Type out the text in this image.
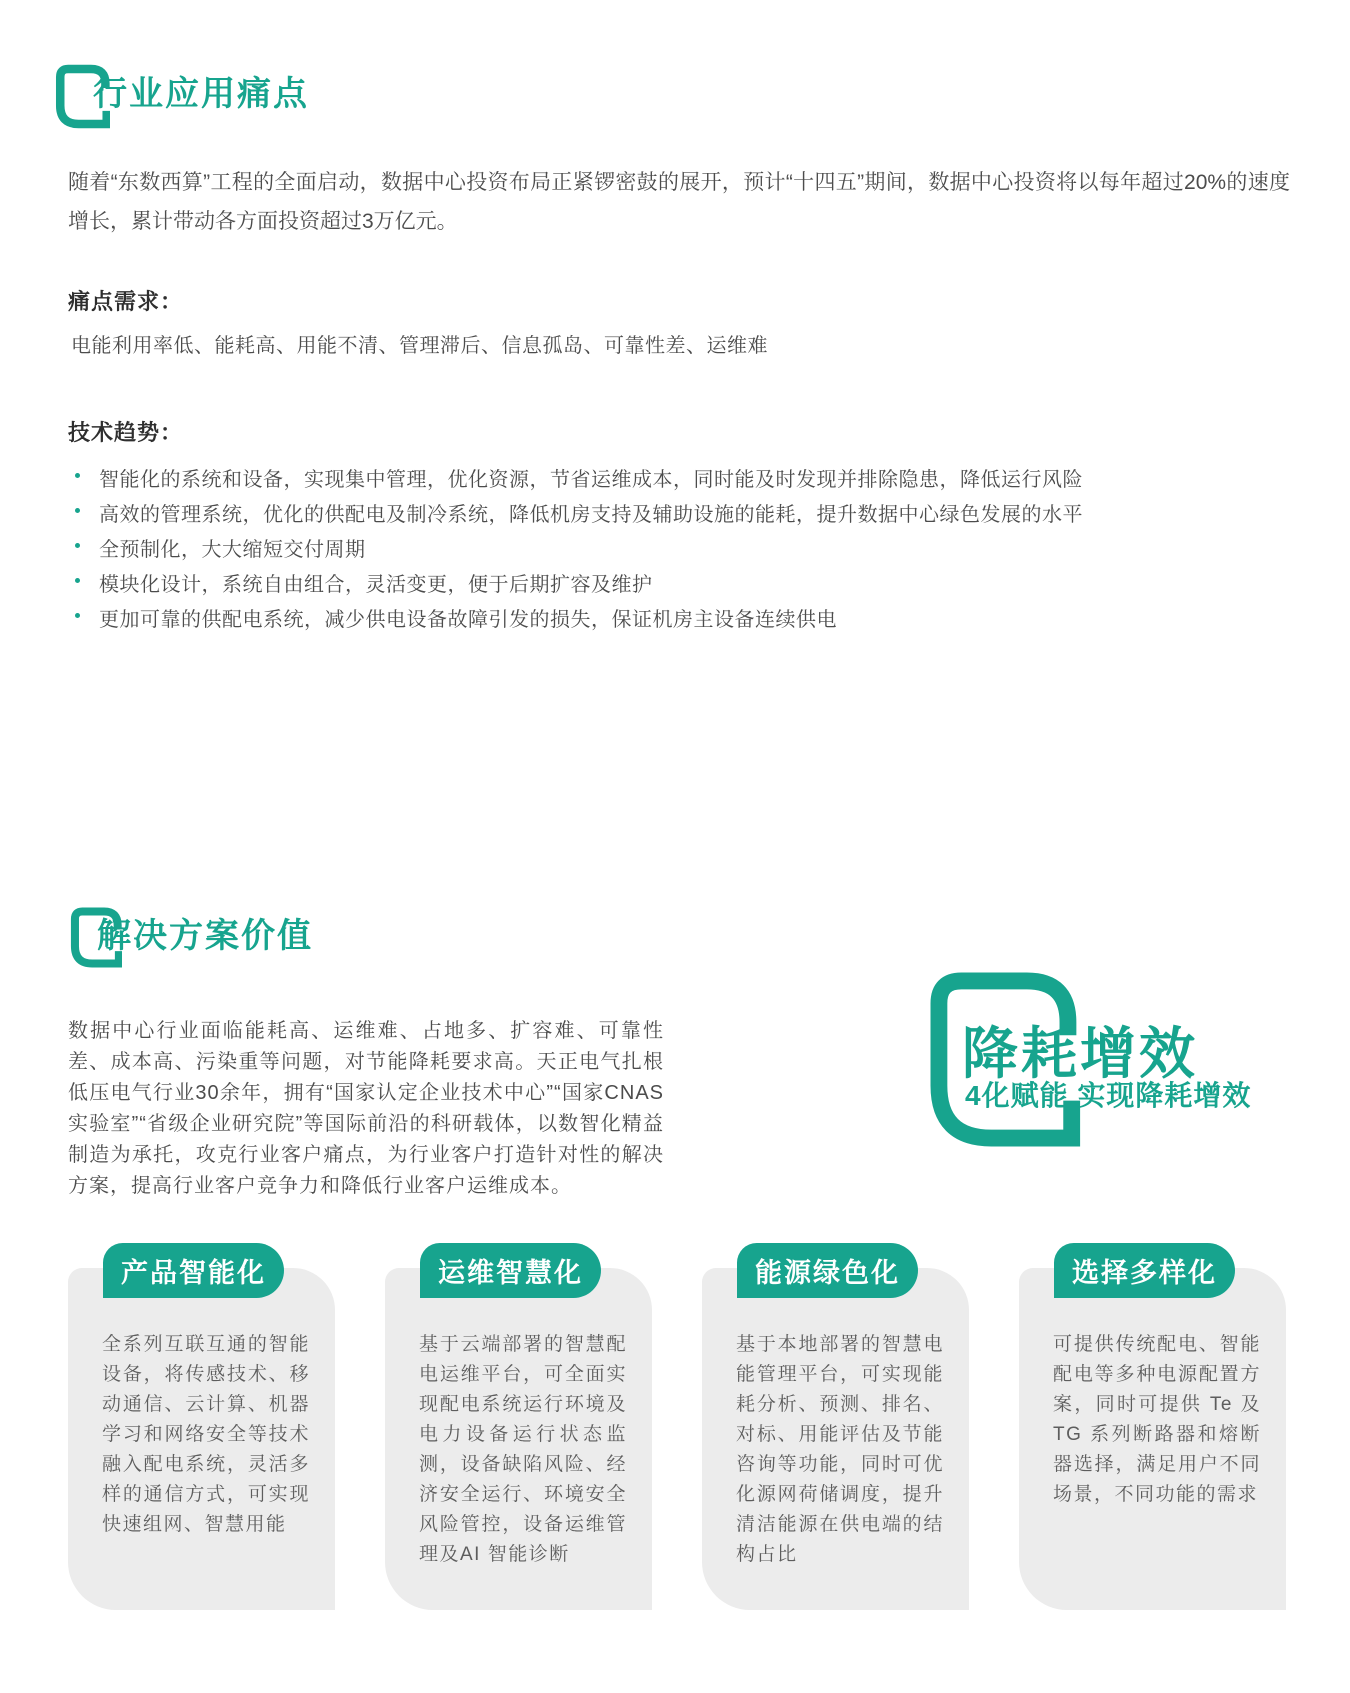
行业应用痛点
随着“东数西算”工程的全面启动，数据中心投资布局正紧锣密鼓的展开，预计“十四五”期间，数据中心投资将以每年超过20%的速度增长，累计带动各方面投资超过3万亿元。
痛点需求：
电能利用率低、能耗高、用能不清、管理滞后、信息孤岛、可靠性差、运维难
技术趋势：
智能化的系统和设备，实现集中管理，优化资源，节省运维成本，同时能及时发现并排除隐患，降低运行风险
高效的管理系统，优化的供配电及制冷系统，降低机房支持及辅助设施的能耗，提升数据中心绿色发展的水平
全预制化，大大缩短交付周期
模块化设计，系统自由组合，灵活变更，便于后期扩容及维护
更加可靠的供配电系统，减少供电设备故障引发的损失，保证机房主设备连续供电
解决方案价值
数据中心行业面临能耗高、运维难、占地多、扩容难、可靠性差、成本高、污染重等问题，对节能降耗要求高。天正电气扎根低压电气行业30余年，拥有“国家认定企业技术中心”“国家CNAS实验室”“省级企业研究院”等国际前沿的科研载体，以数智化精益制造为承托，攻克行业客户痛点，为行业客户打造针对性的解决方案，提高行业客户竞争力和降低行业客户运维成本。
降耗增效
4化赋能 实现降耗增效
产品智能化
全系列互联互通的智能设备，将传感技术、移动通信、云计算、机器学习和网络安全等技术融入配电系统，灵活多样的通信方式，可实现快速组网、智慧用能
运维智慧化
基于云端部署的智慧配电运维平台，可全面实现配电系统运行环境及电力设备运行状态监测，设备缺陷风险、经济安全运行、环境安全风险管控，设备运维管理及AI 智能诊断
能源绿色化
基于本地部署的智慧电能管理平台，可实现能耗分析、预测、排名、对标、用能评估及节能咨询等功能，同时可优化源网荷储调度，提升清洁能源在供电端的结构占比
选择多样化
可提供传统配电、智能配电等多种电源配置方案，同时可提供 Te 及 TG 系列断路器和熔断器选择，满足用户不同场景，不同功能的需求
